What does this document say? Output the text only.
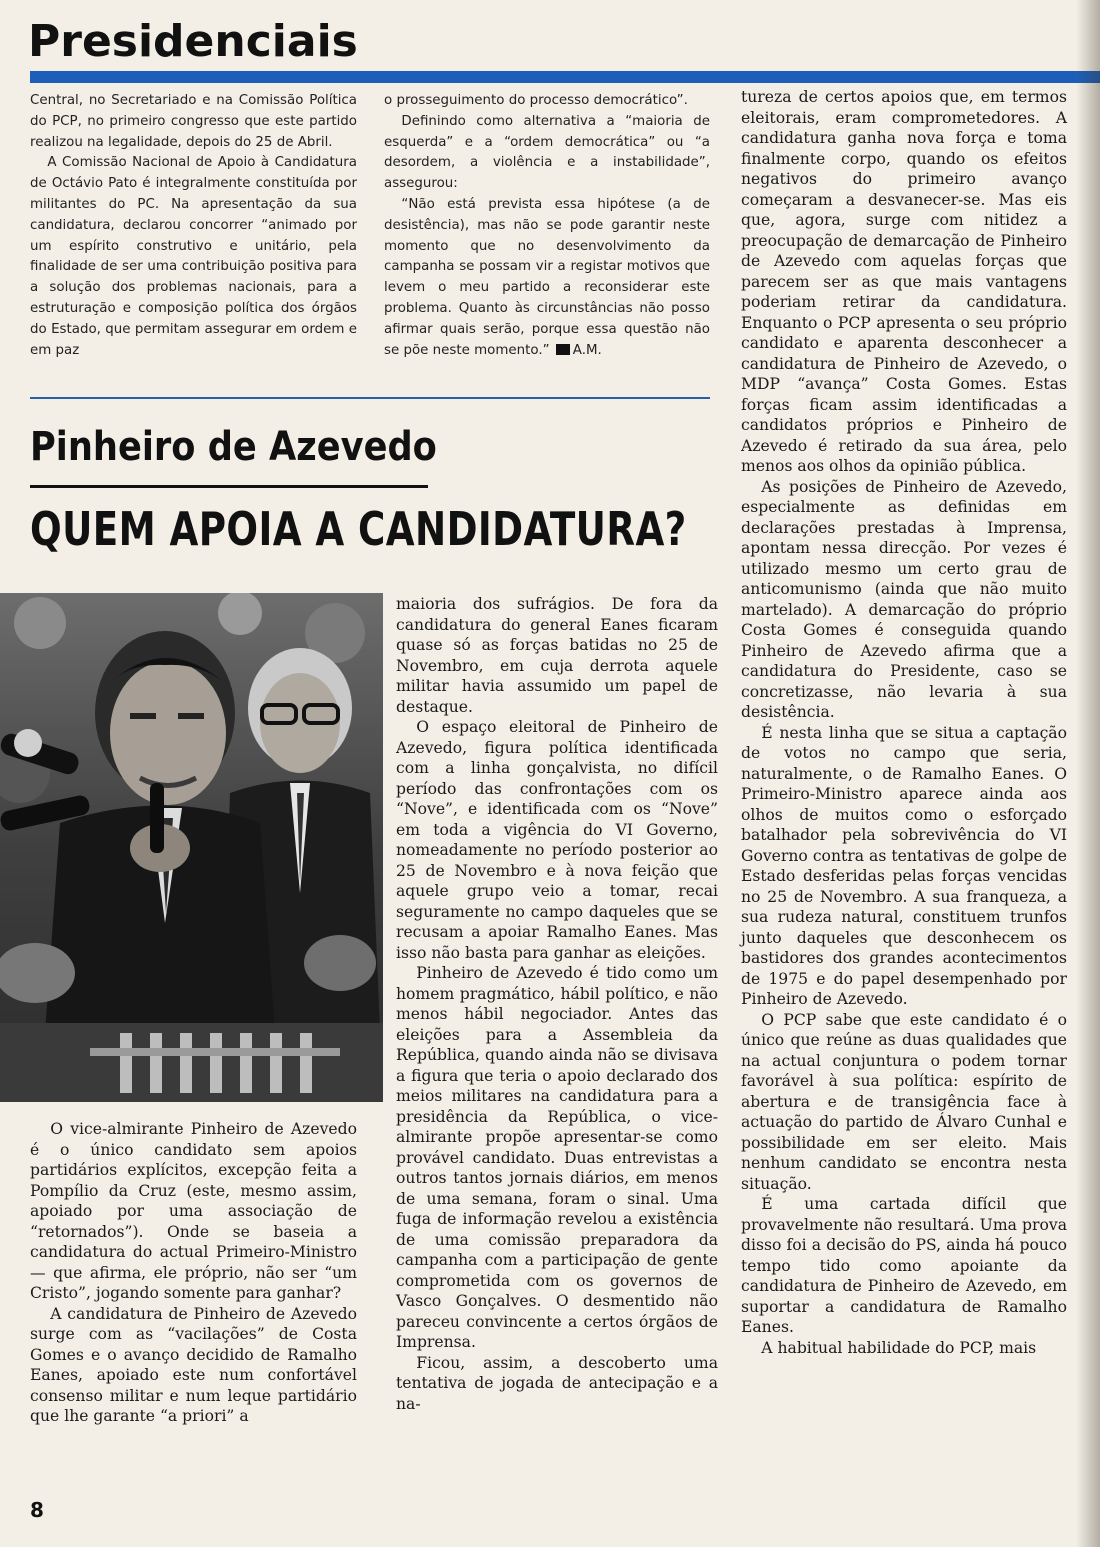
Presidenciais

Central, no Secretariado e na Comissão Política do PCP, no primeiro congresso que este partido realizou na legalidade, depois do 25 de Abril.

A Comissão Nacional de Apoio à Candidatura de Octávio Pato é integralmente constituída por militantes do PC. Na apresentação da sua candidatura, declarou concorrer “animado por um espírito construtivo e unitário, pela finalidade de ser uma contribuição positiva para a solução dos problemas nacionais, para a estruturação e composição política dos órgãos do Estado, que permitam assegurar em ordem e em paz

o prosseguimento do processo democrático”.

Definindo como alternativa a “maioria de esquerda” e a “ordem democrática” ou “a desordem, a violência e a instabilidade”, assegurou:

“Não está prevista essa hipótese (a de desistência), mas não se pode garantir neste momento que no desenvolvimento da campanha se possam vir a registar motivos que levem o meu partido a reconsiderar este problema. Quanto às circunstâncias não posso afirmar quais serão, porque essa questão não se põe neste momento.” A.M.

Pinheiro de Azevedo
QUEM APOIA A CANDIDATURA?

O vice-almirante Pinheiro de Azevedo é o único candidato sem apoios partidários explícitos, excepção feita a Pompílio da Cruz (este, mesmo assim, apoiado por uma associação de “retornados”). Onde se baseia a candidatura do actual Primeiro-Ministro — que afirma, ele próprio, não ser “um Cristo”, jogando somente para ganhar?

A candidatura de Pinheiro de Azevedo surge com as “vacilações” de Costa Gomes e o avanço decidido de Ramalho Eanes, apoiado este num confortável consenso militar e num leque partidário que lhe garante “a priori” a

maioria dos sufrágios. De fora da candidatura do general Eanes ficaram quase só as forças batidas no 25 de Novembro, em cuja derrota aquele militar havia assumido um papel de destaque.

O espaço eleitoral de Pinheiro de Azevedo, figura política identificada com a linha gonçalvista, no difícil período das confrontações com os “Nove”, e identificada com os “Nove” em toda a vigência do VI Governo, nomeadamente no período posterior ao 25 de Novembro e à nova feição que aquele grupo veio a tomar, recai seguramente no campo daqueles que se recusam a apoiar Ramalho Eanes. Mas isso não basta para ganhar as eleições.

Pinheiro de Azevedo é tido como um homem pragmático, hábil político, e não menos hábil negociador. Antes das eleições para a Assembleia da República, quando ainda não se divisava a figura que teria o apoio declarado dos meios militares na candidatura para a presidência da República, o vice-almirante propõe apresentar-se como provável candidato. Duas entrevistas a outros tantos jornais diários, em menos de uma semana, foram o sinal. Uma fuga de informação revelou a existência de uma comissão preparadora da campanha com a participação de gente comprometida com os governos de Vasco Gonçalves. O desmentido não pareceu convincente a certos órgãos de Imprensa.

Ficou, assim, a descoberto uma tentativa de jogada de antecipação e a na-

tureza de certos apoios que, em termos eleitorais, eram comprometedores. A candidatura ganha nova força e toma finalmente corpo, quando os efeitos negativos do primeiro avanço começaram a desvanecer-se. Mas eis que, agora, surge com nitidez a preocupação de demarcação de Pinheiro de Azevedo com aquelas forças que parecem ser as que mais vantagens poderiam retirar da candidatura. Enquanto o PCP apresenta o seu próprio candidato e aparenta desconhecer a candidatura de Pinheiro de Azevedo, o MDP “avança” Costa Gomes. Estas forças ficam assim identificadas a candidatos próprios e Pinheiro de Azevedo é retirado da sua área, pelo menos aos olhos da opinião pública.

As posições de Pinheiro de Azevedo, especialmente as definidas em declarações prestadas à Imprensa, apontam nessa direcção. Por vezes é utilizado mesmo um certo grau de anticomunismo (ainda que não muito martelado). A demarcação do próprio Costa Gomes é conseguida quando Pinheiro de Azevedo afirma que a candidatura do Presidente, caso se concretizasse, não levaria à sua desistência.

É nesta linha que se situa a captação de votos no campo que seria, naturalmente, o de Ramalho Eanes. O Primeiro-Ministro aparece ainda aos olhos de muitos como o esforçado batalhador pela sobrevivência do VI Governo contra as tentativas de golpe de Estado desferidas pelas forças vencidas no 25 de Novembro. A sua franqueza, a sua rudeza natural, constituem trunfos junto daqueles que desconhecem os bastidores dos grandes acontecimentos de 1975 e do papel desempenhado por Pinheiro de Azevedo.

O PCP sabe que este candidato é o único que reúne as duas qualidades que na actual conjuntura o podem tornar favorável à sua política: espírito de abertura e de transigência face à actuação do partido de Álvaro Cunhal e possibilidade em ser eleito. Mais nenhum candidato se encontra nesta situação.

É uma cartada difícil que provavelmente não resultará. Uma prova disso foi a decisão do PS, ainda há pouco tempo tido como apoiante da candidatura de Pinheiro de Azevedo, em suportar a candidatura de Ramalho Eanes.

A habitual habilidade do PCP, mais

8
